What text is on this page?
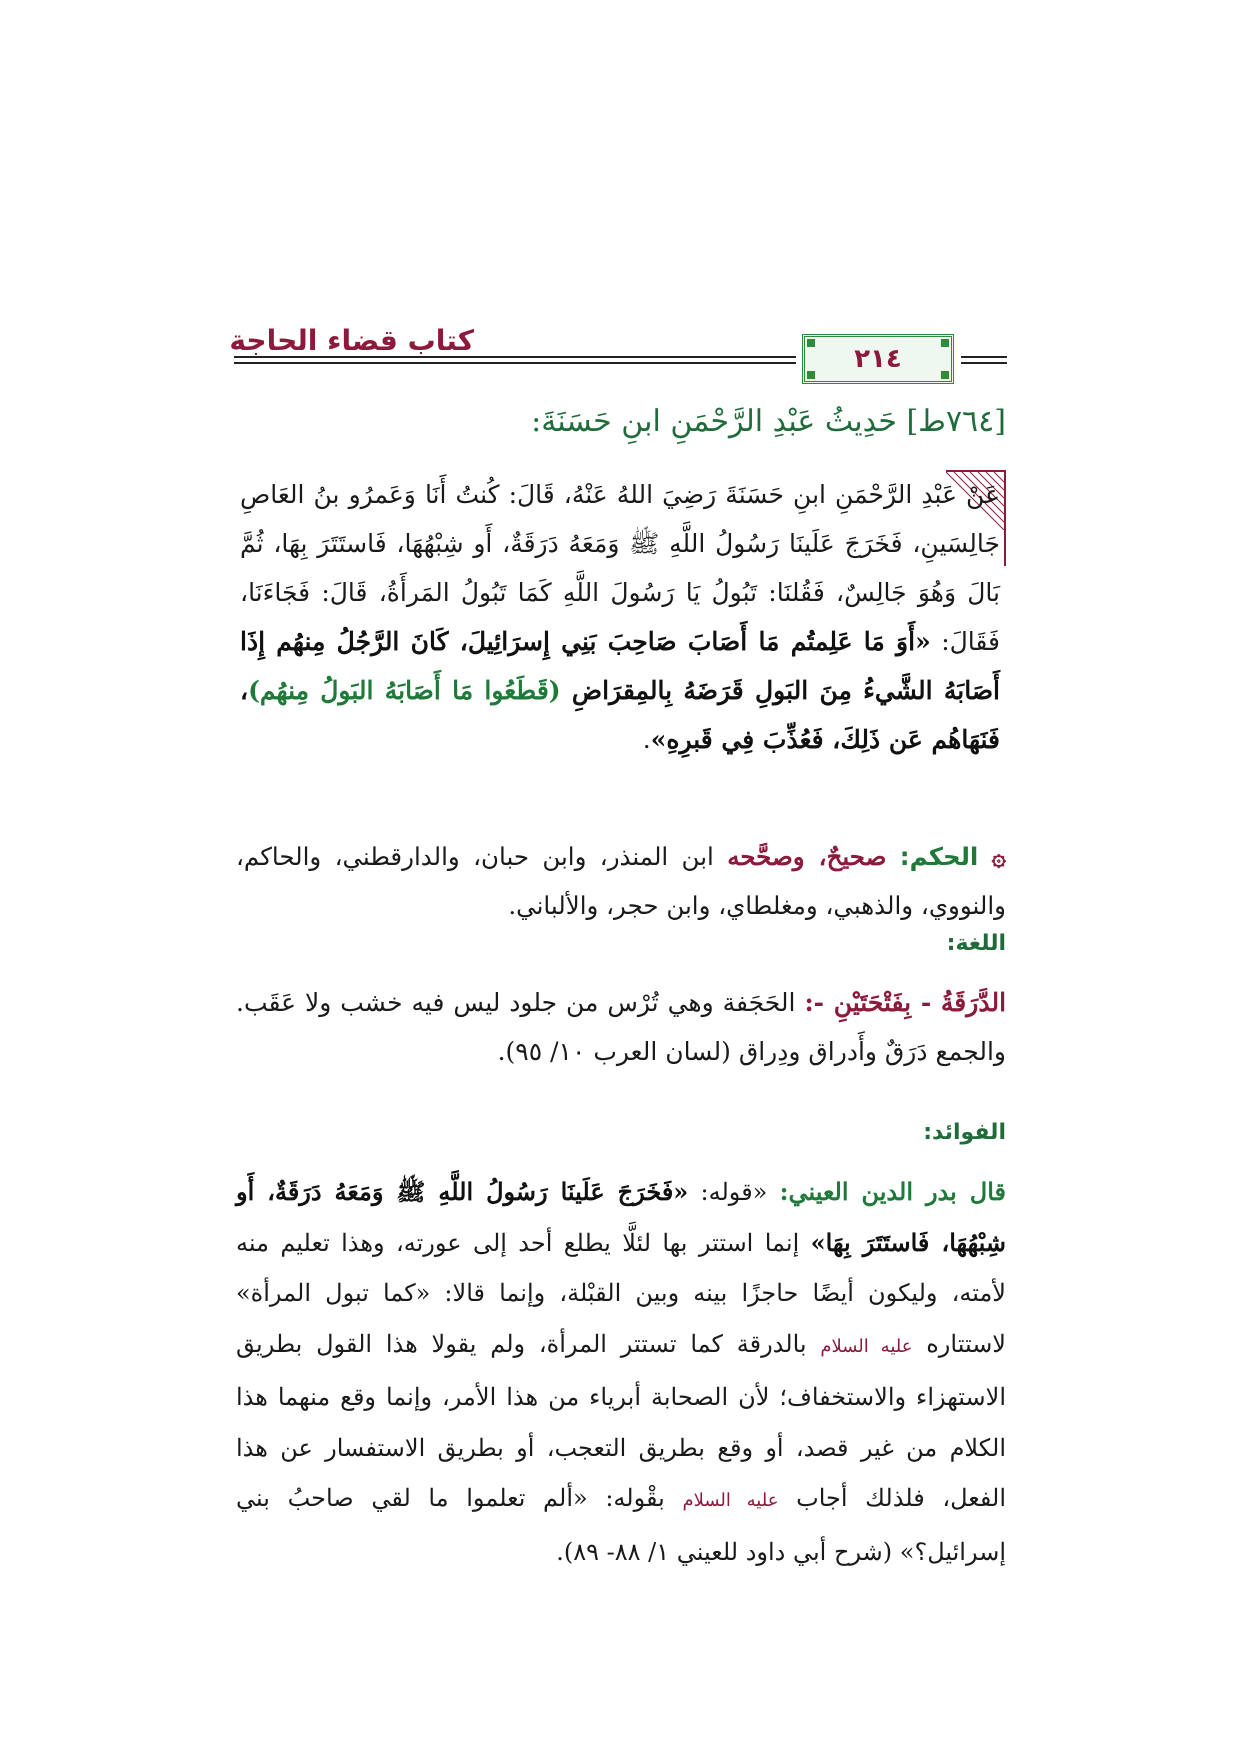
كتاب قضاء الحاجة
٢١٤
[٧٦٤ط] حَدِيثُ عَبْدِ الرَّحْمَنِ ابنِ حَسَنَةَ:
عَنْ عَبْدِ الرَّحْمَنِ ابنِ حَسَنَةَ رَضِيَ اللهُ عَنْهُ، قَالَ: كُنتُ أَنَا وَعَمرُو بنُ العَاصِ جَالِسَينِ، فَخَرَجَ عَلَينَا رَسُولُ اللَّهِ ﷺ وَمَعَهُ دَرَقَةٌ، أَو شِبْهُهَا، فَاستَتَرَ بِهَا، ثُمَّ بَالَ وَهُوَ جَالِسٌ، فَقُلنَا: تَبُولُ يَا رَسُولَ اللَّهِ كَمَا تَبُولُ المَرأَةُ، قَالَ: فَجَاءَنَا، فَقَالَ: «أَوَ مَا عَلِمتُم مَا أَصَابَ صَاحِبَ بَنِي إِسرَائِيلَ، كَانَ الرَّجُلُ مِنهُم إِذَا أَصَابَهُ الشَّيءُ مِنَ البَولِ قَرَضَهُ بِالمِقرَاضِ (قَطَعُوا مَا أَصَابَهُ البَولُ مِنهُم)، فَنَهَاهُم عَن ذَلِكَ، فَعُذِّبَ فِي قَبرِهِ».
۞ الحكم: صحيحٌ، وصحَّحه ابن المنذر، وابن حبان، والدارقطني، والحاكم، والنووي، والذهبي، ومغلطاي، وابن حجر، والألباني.
اللغة:
الدَّرَقَةُ - بِفَتْحَتَيْنِ -: الحَجَفة وهي تُرْس من جلود ليس فيه خشب ولا عَقَب. والجمع دَرَقٌ وأَدراق ودِراق (لسان العرب ١٠/ ٩٥).
الفوائد:
قال بدر الدين العيني: «قوله: «فَخَرَجَ عَلَينَا رَسُولُ اللَّهِ ﷺ وَمَعَهُ دَرَقَةٌ، أَو شِبْهُهَا، فَاستَتَرَ بِهَا» إنما استتر بها لئلَّا يطلع أحد إلى عورته، وهذا تعليم منه لأمته، وليكون أيضًا حاجزًا بينه وبين القبْلة، وإنما قالا: «كما تبول المرأة» لاستتاره عليه السلام بالدرقة كما تستتر المرأة، ولم يقولا هذا القول بطريق الاستهزاء والاستخفاف؛ لأن الصحابة أبرياء من هذا الأمر، وإنما وقع منهما هذا الكلام من غير قصد، أو وقع بطريق التعجب، أو بطريق الاستفسار عن هذا الفعل، فلذلك أجاب عليه السلام بقْوله: «ألم تعلموا ما لقي صاحبُ بني إسرائيل؟» (شرح أبي داود للعيني ١/ ٨٨- ٨٩).
